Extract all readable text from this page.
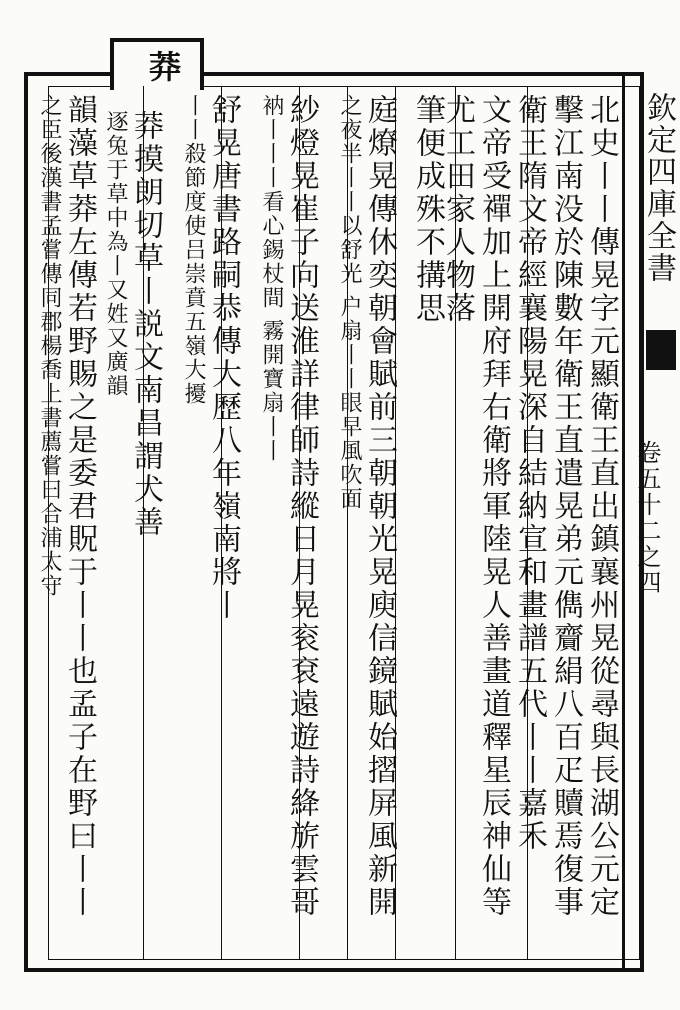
欽定四庫全書
卷五十二之四
莽
北史丨丨傳晃字元顯衛王直出鎮襄州晃從尋與長湖公元定
擊江南没於陳數年衛王直遣晃弟元儁齎絹八百疋贖焉復事
衛王隋文帝經襄陽晃深自結納宣和畫譜五代丨丨嘉禾
文帝受禪加上開府拜右衛將軍陸晃人善畫道釋星辰神仙等
尤工田家人物落
筆便成殊不搆思
庭燎晃傳休奕朝會賦前三朝朝光晃庾信鏡賦始摺屏風新開
之夜半丨丨以舒光 户扇丨丨眼早風吹面
紗燈晃崔子向送淮詳律師詩縱日月晃衮袞遠遊詩絳旂雲哥
衲丨丨丨看心錫杖間 霧開寶扇丨丨
舒晃唐書路嗣恭傳大歷八年嶺南將丨
丨丨殺節度使吕崇賁五嶺大擾
莽摸朗切草丨説文南昌謂犬善
逐兔于草中為丨又姓又廣韻
韻藻草莽左傳若野賜之是委君貺于丨丨也孟子在野曰丨丨
之臣後漢書孟嘗傳同郡楊喬上書薦嘗曰合浦太守
